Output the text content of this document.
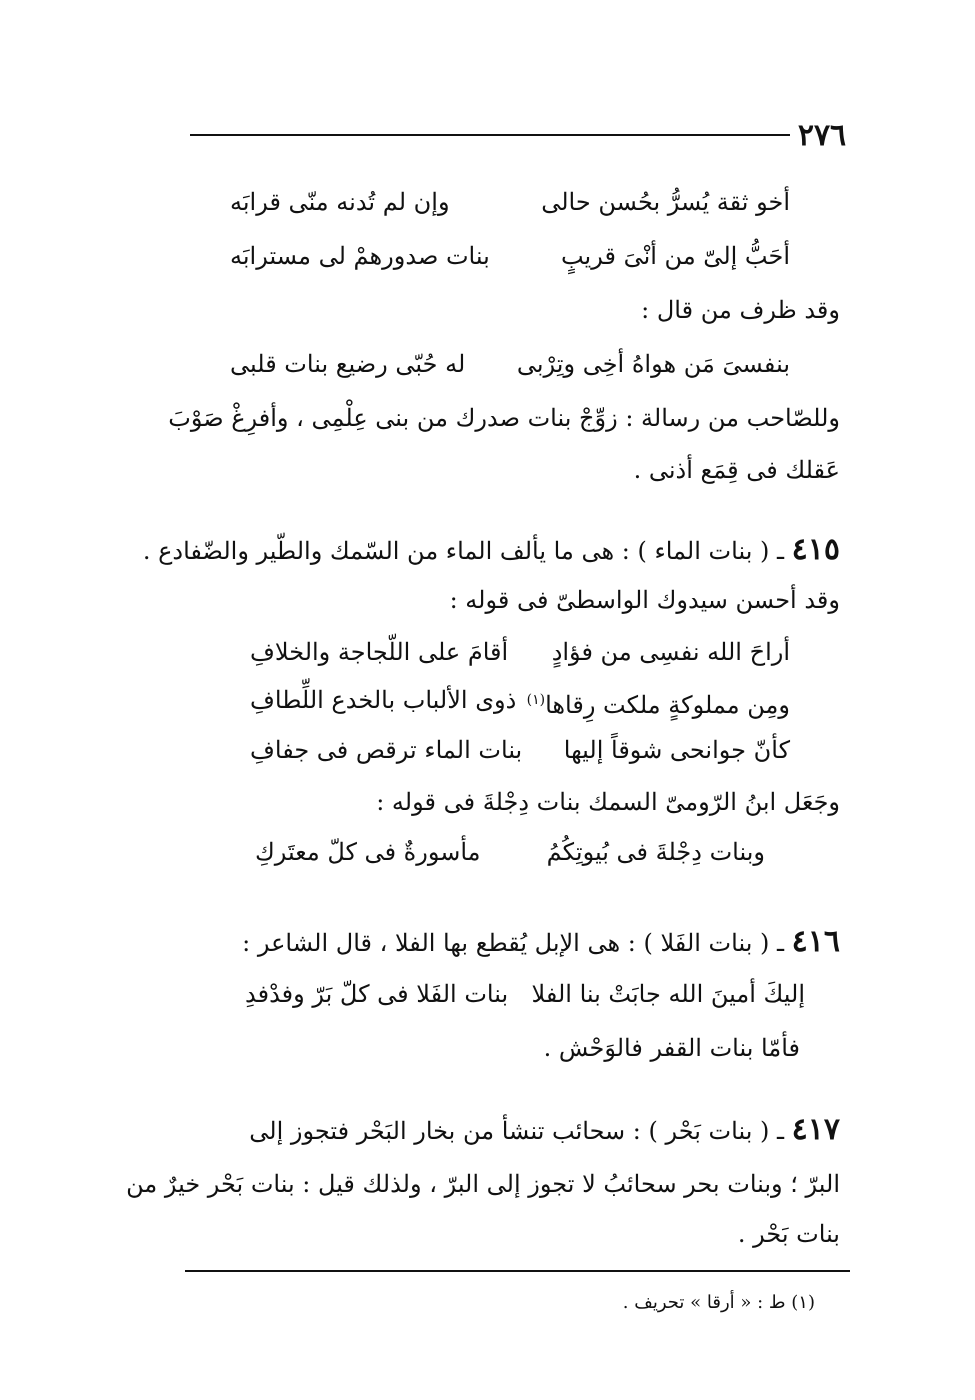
٢٧٦
أخو ثقة يُسرُّ بحُسن حالى
وإن لم تُدنه منّى قرابَه
أحَبُّ إلىّ من أنْىَ قريبٍ
بنات صدورهمْ لى مسترابَه
وقد ظرف من قال :
بنفسىَ مَن هواهُ أخِى وتِرْبى
له حُبّى رضيع بنات قلبى
وللصّاحب من رسالة : زوِّجْ بنات صدرك من بنى عِلْمِى ، وأفرِغْ صَوْبَ
عَقلك فى قِمَع أذنى .
٤١٥ ـ ( بنات الماء ) : هى ما يألف الماء من السّمك والطّير والضّفادع .
وقد أحسن سيدوك الواسطىّ فى قوله :
أراحَ الله نفسِى من فؤادٍ
أقامَ على اللّجاجة والخلافِ
ومِن مملوكةٍ ملكت رِقاها$^{(١)}$
ذوى الألباب بالخدع اللِّطافِ
كأنّ جوانحى شوقاً إليها
بنات الماء ترقص فى جفافِ
وجَعَل ابنُ الرّومىّ السمك بنات دِجْلةَ فى قوله :
وبنات دِجْلةَ فى بُيوتِكُمُ
مأسورةٌ فى كلّ معتَركِ
٤١٦ ـ ( بنات الفَلا ) : هى الإبل يُقطع بها الفلا ، قال الشاعر :
إليكَ أمينَ الله جابَتْ بنا الفلا
بنات الفَلا فى كلّ بَرّ وفدْفدِ
فأمّا بنات القفر فالوَحْش .
٤١٧ ـ ( بنات بَحْر ) : سحائب تنشأ من بخار البَحْر فتجوز إلى
البرّ ؛ وبنات بحر سحائبُ لا تجوز إلى البرّ ، ولذلك قيل : بنات بَحْر خيرٌ من
بنات بَحْر .
(١) ط : « أرقا » تحريف .
